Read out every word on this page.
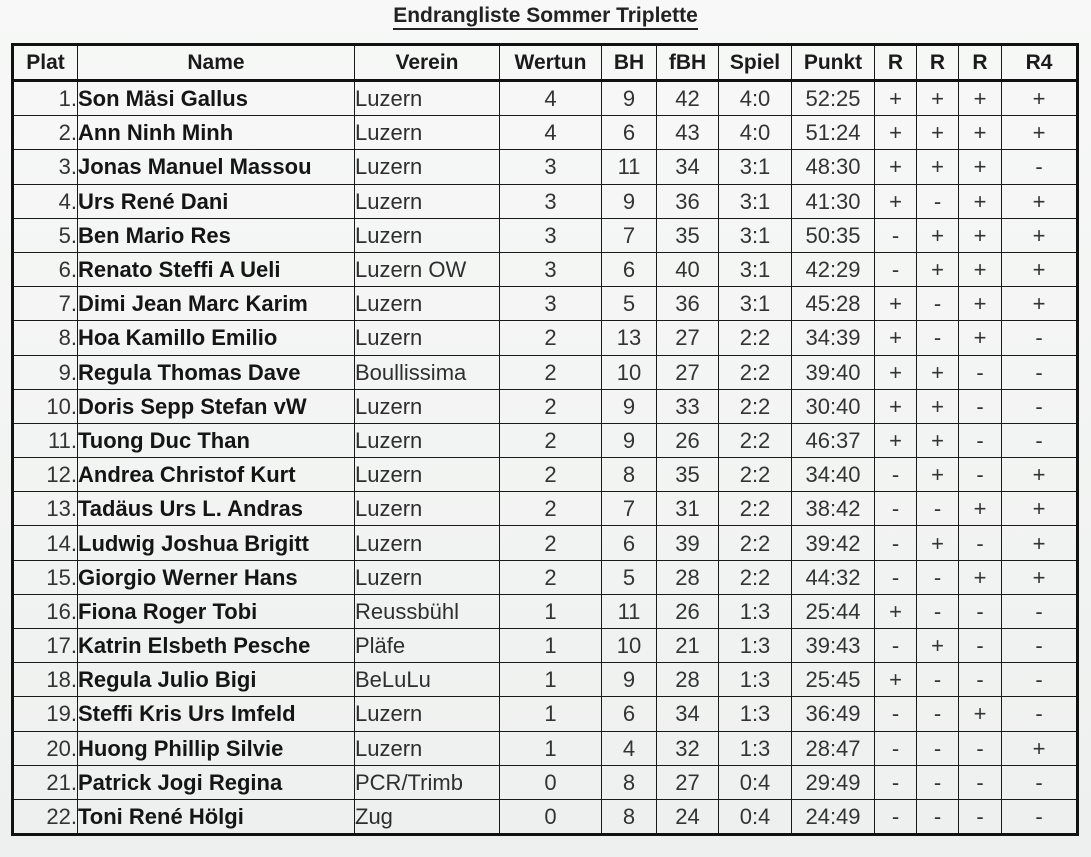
Endrangliste Sommer Triplette
Plat	Name	Verein	Wertun	BH	fBH	Spiel	Punkt	R	R	R	R4
1.	Son Mäsi Gallus	Luzern	4	9	42	4:0	52:25	+	+	+	+
2.	Ann Ninh Minh	Luzern	4	6	43	4:0	51:24	+	+	+	+
3.	Jonas Manuel Massou	Luzern	3	11	34	3:1	48:30	+	+	+	-
4.	Urs René Dani	Luzern	3	9	36	3:1	41:30	+	-	+	+
5.	Ben Mario Res	Luzern	3	7	35	3:1	50:35	-	+	+	+
6.	Renato Steffi A Ueli	Luzern OW	3	6	40	3:1	42:29	-	+	+	+
7.	Dimi Jean Marc Karim	Luzern	3	5	36	3:1	45:28	+	-	+	+
8.	Hoa Kamillo Emilio	Luzern	2	13	27	2:2	34:39	+	-	+	-
9.	Regula Thomas Dave	Boullissima	2	10	27	2:2	39:40	+	+	-	-
10.	Doris Sepp Stefan vW	Luzern	2	9	33	2:2	30:40	+	+	-	-
11.	Tuong Duc Than	Luzern	2	9	26	2:2	46:37	+	+	-	-
12.	Andrea Christof Kurt	Luzern	2	8	35	2:2	34:40	-	+	-	+
13.	Tadäus Urs L. Andras	Luzern	2	7	31	2:2	38:42	-	-	+	+
14.	Ludwig Joshua Brigitt	Luzern	2	6	39	2:2	39:42	-	+	-	+
15.	Giorgio Werner Hans	Luzern	2	5	28	2:2	44:32	-	-	+	+
16.	Fiona Roger Tobi	Reussbühl	1	11	26	1:3	25:44	+	-	-	-
17.	Katrin Elsbeth Pesche	Pläfe	1	10	21	1:3	39:43	-	+	-	-
18.	Regula Julio Bigi	BeLuLu	1	9	28	1:3	25:45	+	-	-	-
19.	Steffi Kris Urs Imfeld	Luzern	1	6	34	1:3	36:49	-	-	+	-
20.	Huong Phillip Silvie	Luzern	1	4	32	1:3	28:47	-	-	-	+
21.	Patrick Jogi Regina	PCR/Trimb	0	8	27	0:4	29:49	-	-	-	-
22.	Toni René Hölgi	Zug	0	8	24	0:4	24:49	-	-	-	-
